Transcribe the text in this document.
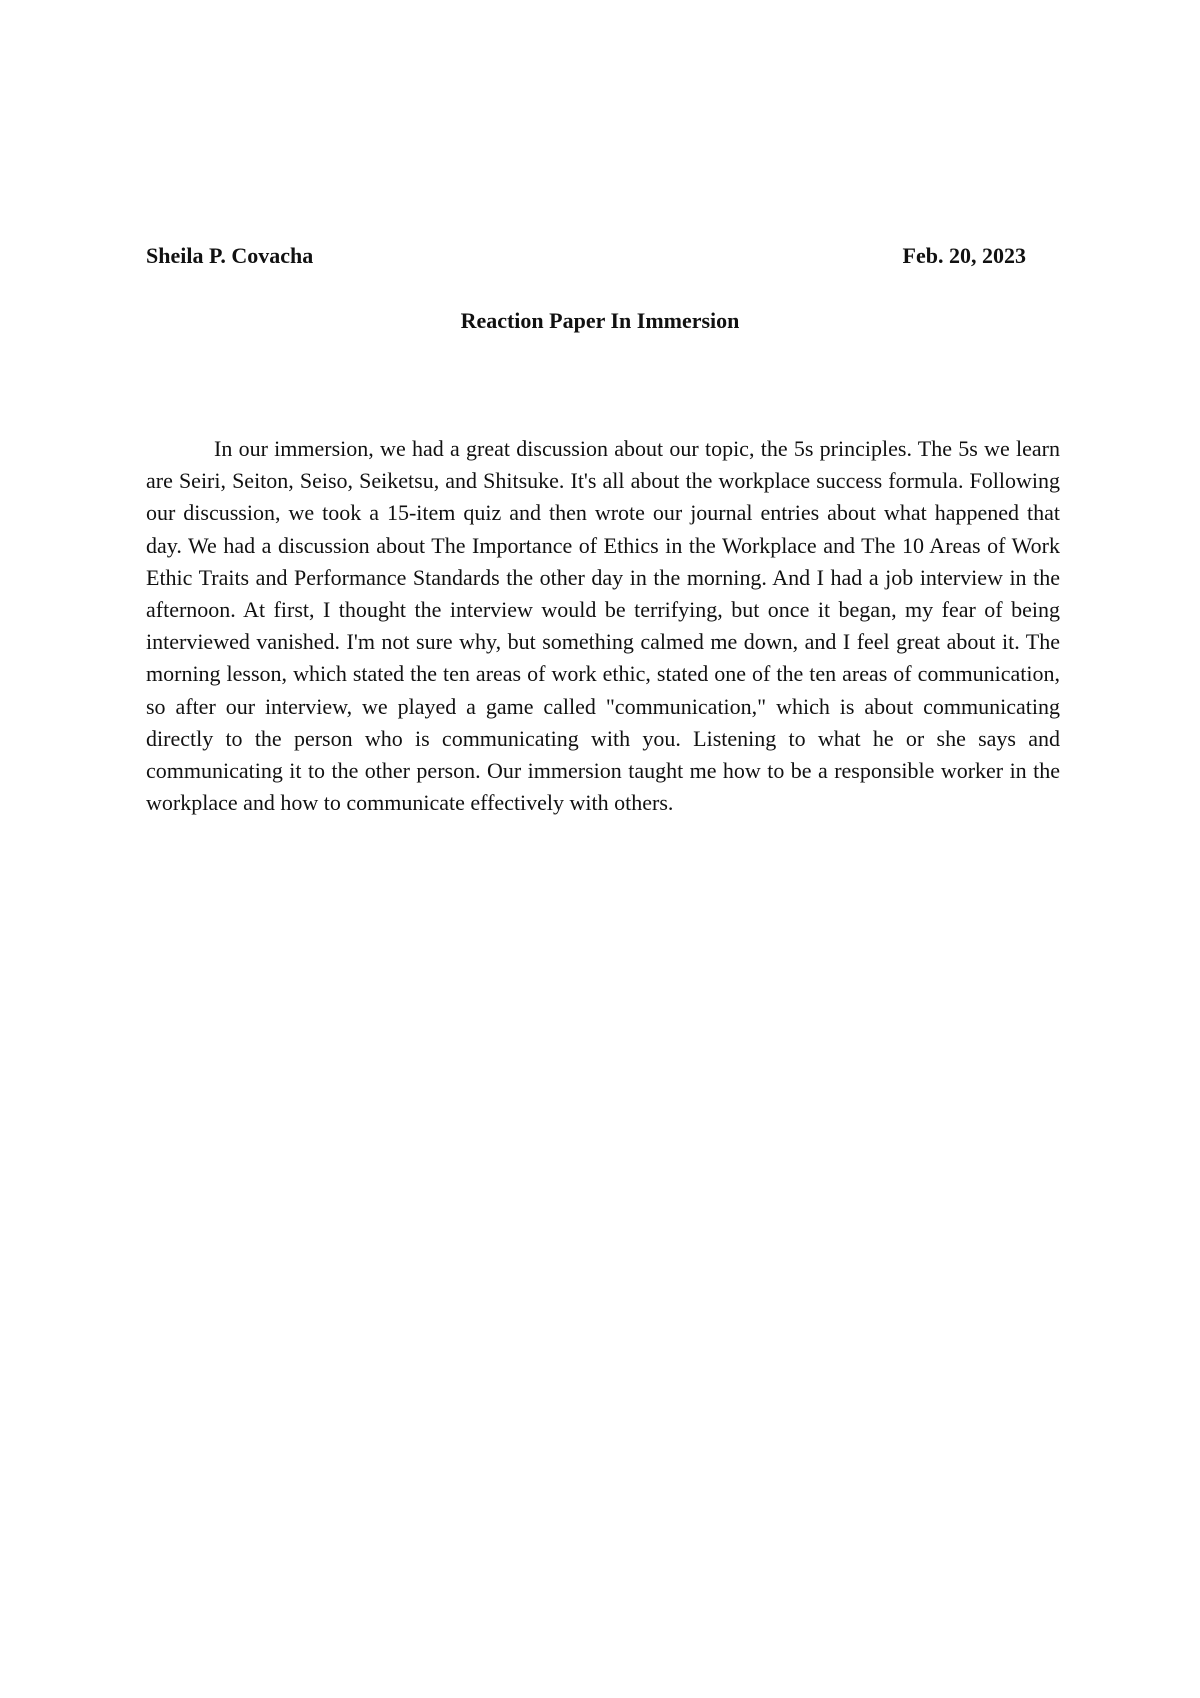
Sheila P. Covacha	Feb. 20, 2023
Reaction Paper In Immersion

In our immersion, we had a great discussion about our topic, the 5s principles. The 5s we learn are Seiri, Seiton, Seiso, Seiketsu, and Shitsuke. It's all about the workplace success formula. Following our discussion, we took a 15-item quiz and then wrote our journal entries about what happened that day. We had a discussion about The Importance of Ethics in the Workplace and The 10 Areas of Work Ethic Traits and Performance Standards the other day in the morning. And I had a job interview in the afternoon. At first, I thought the interview would be terrifying, but once it began, my fear of being interviewed vanished. I'm not sure why, but something calmed me down, and I feel great about it. The morning lesson, which stated the ten areas of work ethic, stated one of the ten areas of communication, so after our interview, we played a game called "communication," which is about communicating directly to the person who is communicating with you. Listening to what he or she says and communicating it to the other person. Our immersion taught me how to be a responsible worker in the workplace and how to communicate effectively with others.
